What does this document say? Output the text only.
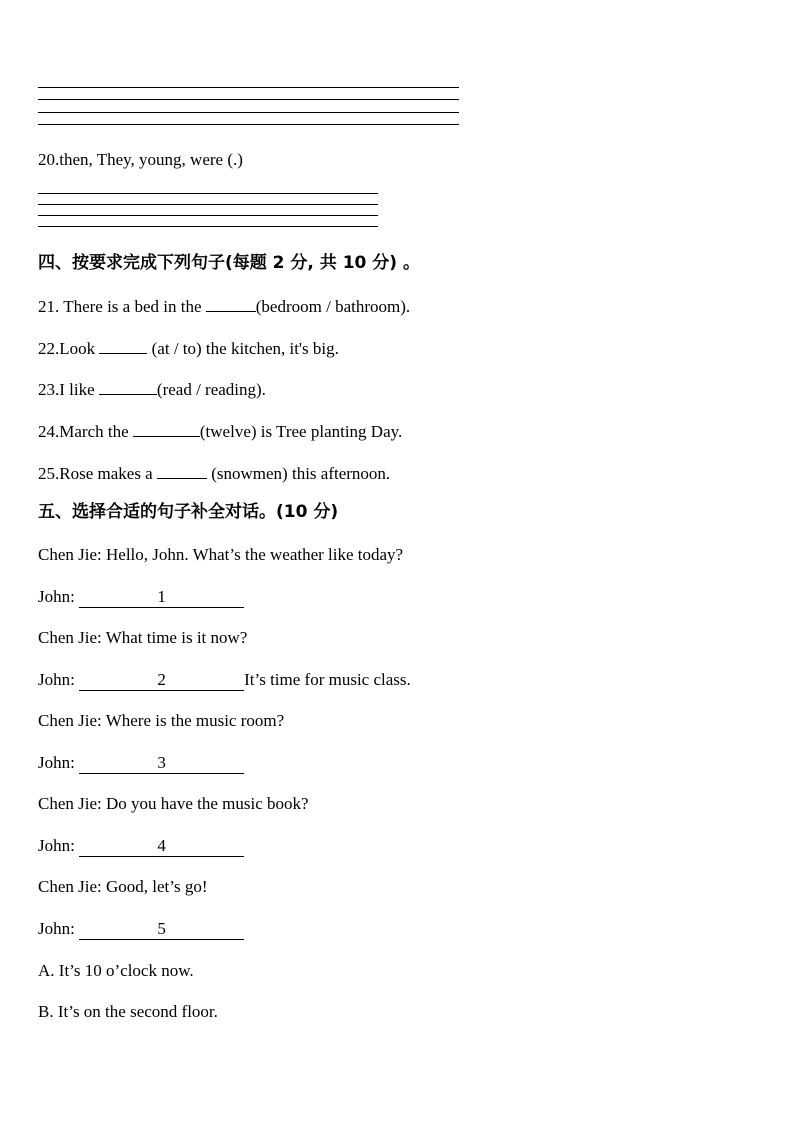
20.then, They, young, were (.)
四、按要求完成下列句子(每题 2 分, 共 10 分) 。
21. There is a bed in the	(bedroom / bathroom).
22.Look	(at / to) the kitchen, it's big.
23.I like	(read / reading).
24.March the	(twelve) is Tree planting Day.
25.Rose makes a	(snowmen) this afternoon.
五、选择合适的句子补全对话。(10 分)
Chen Jie: Hello, John. What’s the weather like today?
John:	1
Chen Jie: What time is it now?
John:	2	It’s time for music class.
Chen Jie: Where is the music room?
John:	3
Chen Jie: Do you have the music book?
John:	4
Chen Jie: Good, let’s go!
John:	5
A. It’s 10 o’clock now.
B. It’s on the second floor.
